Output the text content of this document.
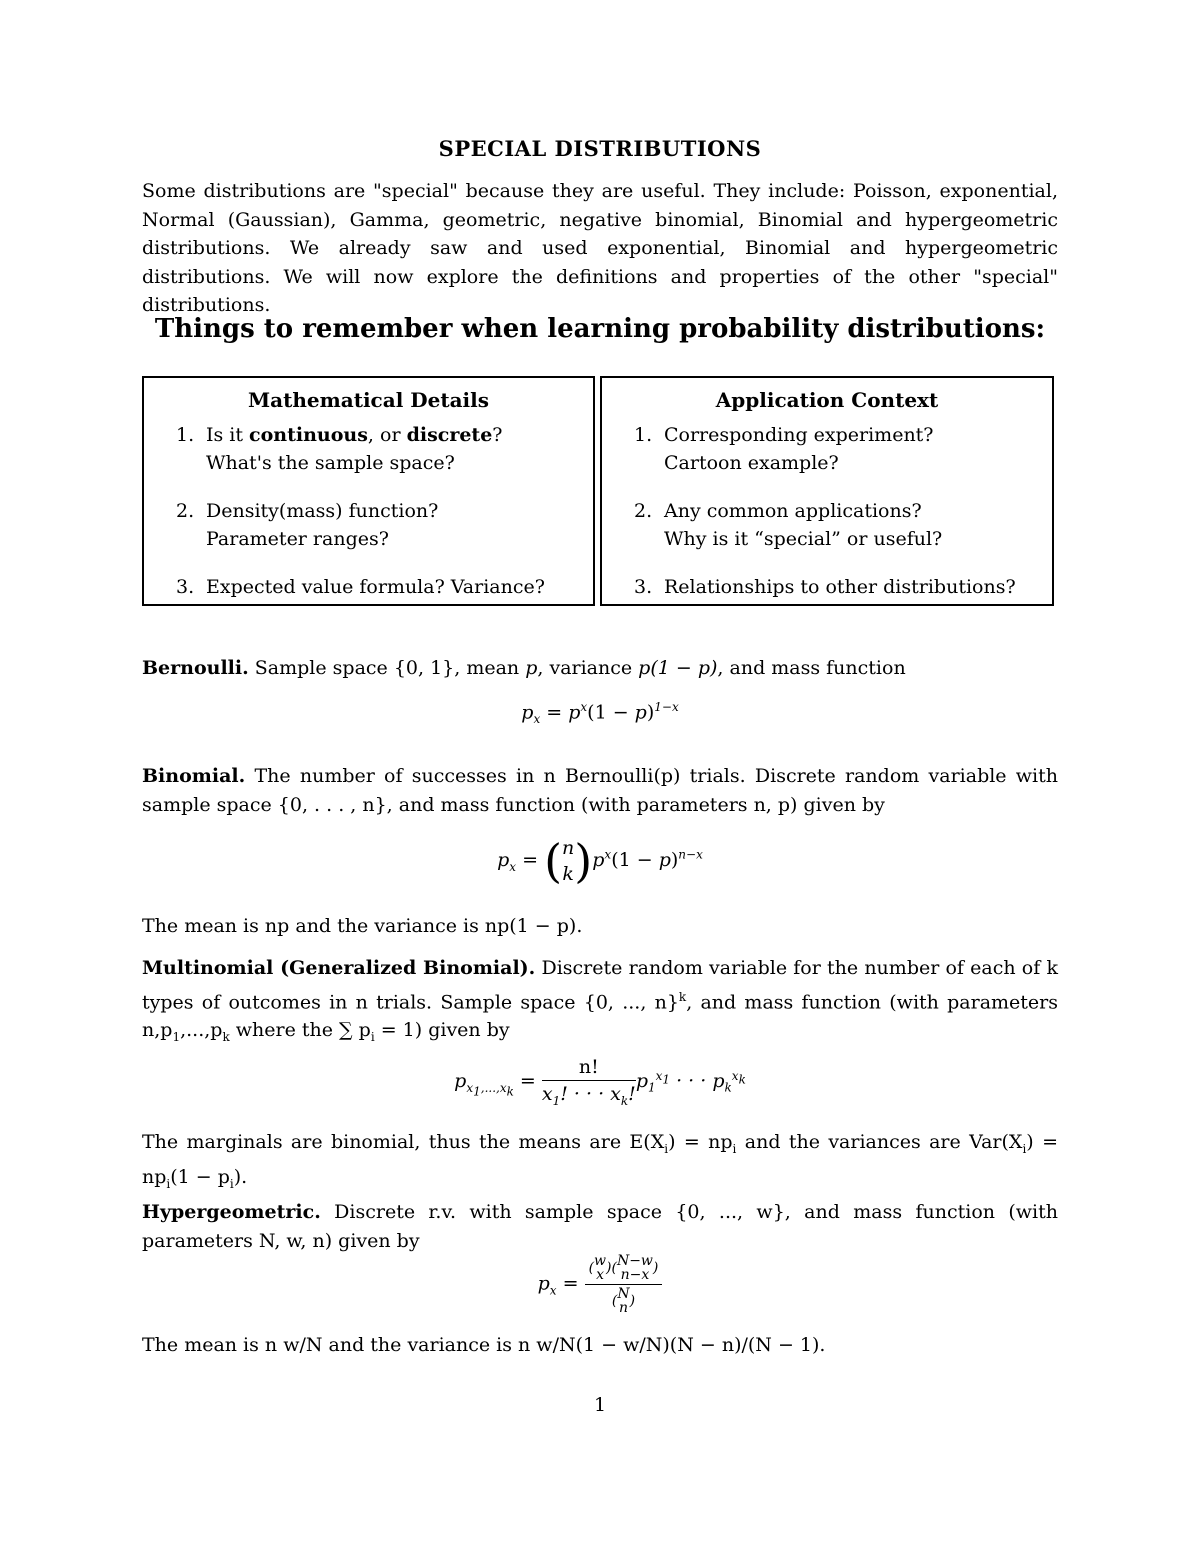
SPECIAL DISTRIBUTIONS

Some distributions are "special" because they are useful. They include: Poisson, exponential, Normal (Gaussian), Gamma, geometric, negative binomial, Binomial and hypergeometric distributions. We already saw and used exponential, Binomial and hypergeometric distributions. We will now explore the definitions and properties of the other "special" distributions.

Things to remember when learning probability distributions:
Mathematical Details
1. Is it continuous, or discrete?
What's the sample space?
2. Density(mass) function?
Parameter ranges?
3. Expected value formula? Variance?
Application Context
1. Corresponding experiment?
Cartoon example?
2. Any common applications?
Why is it “special” or useful?
3. Relationships to other distributions?

Bernoulli. Sample space {0, 1}, mean p, variance p(1 − p), and mass function

$p_x = p^x(1 - p)^{1-x}$

Binomial. The number of successes in n Bernoulli(p) trials. Discrete random variable with sample space {0, . . . , n}, and mass function (with parameters n, p) given by

$p_x = (n$
$k)p^x(1 - p)^{n-x}$

The mean is np and the variance is np(1 − p).

Multinomial (Generalized Binomial). Discrete random variable for the number of each of k types of outcomes in n trials. Sample space {0, ..., n}$^k$, and mass function (with parameters $n,p_1,...,p_k$ where the ∑ $p_i = 1$) given by

$p_{x_1,...,x_k} = \frac{n!}{x_1! \cdot \cdot \cdot x_k!} p_1^{x_1}$ · · · $p_k^{x_k}$

The marginals are binomial, thus the means are $E(X_i) = np_i$ and the variances are $Var(X_i) = np_i(1 - p_i)$.

Hypergeometric. Discrete r.v. with sample space {0, ..., w}, and mass function (with parameters N, w, n) given by

$p_x$ =
(w
x )(N−w
n−x )
(N
n )

The mean is n w/N and the variance is n w/N(1 − w/N)(N − n)/(N − 1).

1
